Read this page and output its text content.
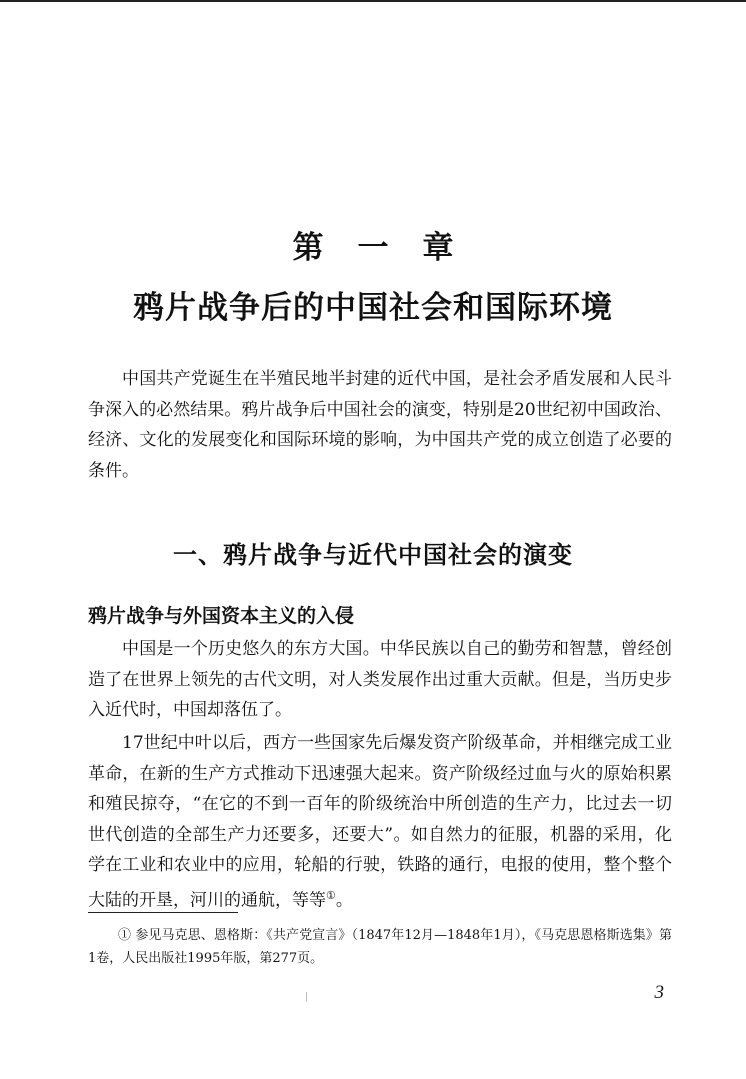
第一章
鸦片战争后的中国社会和国际环境

中国共产党诞生在半殖民地半封建的近代中国，是社会矛盾发展和人民斗争深入的必然结果。鸦片战争后中国社会的演变，特别是20世纪初中国政治、经济、文化的发展变化和国际环境的影响，为中国共产党的成立创造了必要的条件。

一、鸦片战争与近代中国社会的演变
鸦片战争与外国资本主义的入侵

中国是一个历史悠久的东方大国。中华民族以自己的勤劳和智慧，曾经创造了在世界上领先的古代文明，对人类发展作出过重大贡献。但是，当历史步入近代时，中国却落伍了。

17世纪中叶以后，西方一些国家先后爆发资产阶级革命，并相继完成工业革命，在新的生产方式推动下迅速强大起来。资产阶级经过血与火的原始积累和殖民掠夺，“在它的不到一百年的阶级统治中所创造的生产力，比过去一切世代创造的全部生产力还要多，还要大”。如自然力的征服，机器的采用，化学在工业和农业中的应用，轮船的行驶，铁路的通行，电报的使用，整个整个大陆的开垦，河川的通航，等等①。

① 参见马克思、恩格斯：《共产党宣言》（1847年12月—1848年1月），《马克思恩格斯选集》第1卷，人民出版社1995年版，第277页。

3
